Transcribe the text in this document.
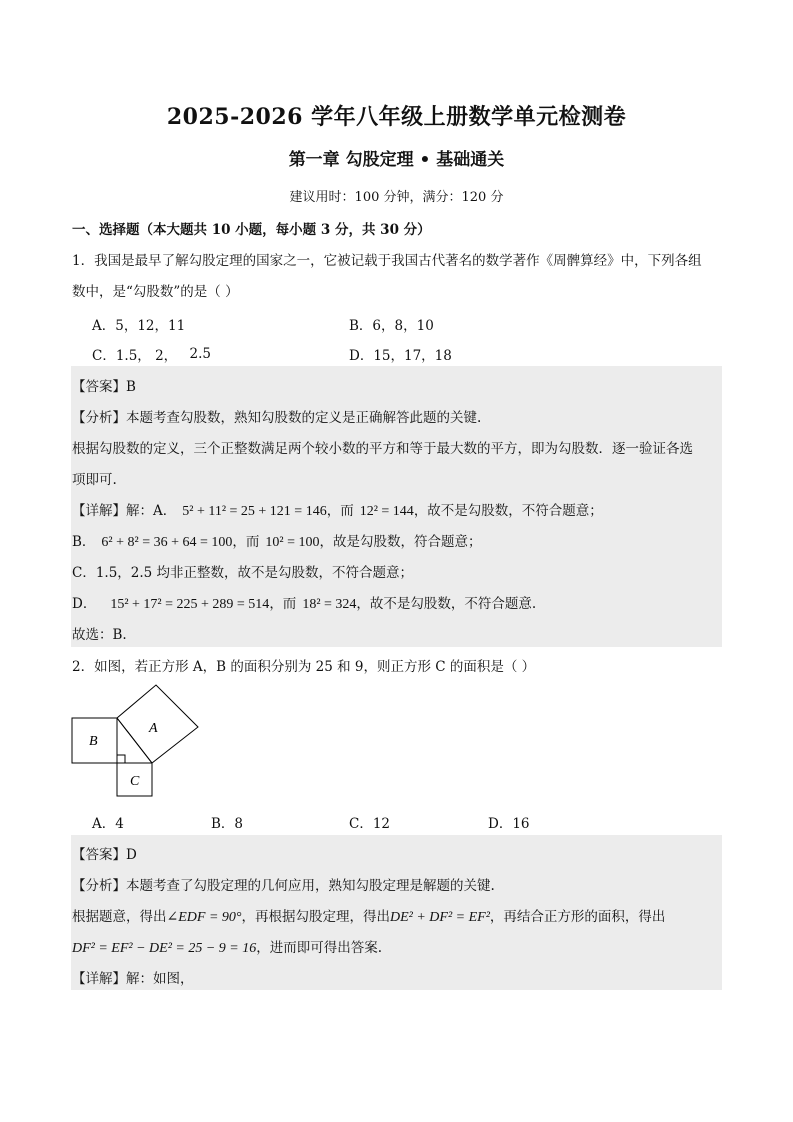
2025-2026 学年八年级上册数学单元检测卷
第一章 勾股定理 • 基础通关
建议用时：100 分钟，满分：120 分
一、选择题（本大题共 10 小题，每小题 3 分，共 30 分）
1．我国是最早了解勾股定理的国家之一，它被记载于我国古代著名的数学著作《周髀算经》中，下列各组
数中，是“勾股数”的是（ ）
A．5，12，11	B．6，8，10
C．1.5， 2， 2.5	D．15，17，18
【答案】B
【分析】本题考查勾股数，熟知勾股数的定义是正确解答此题的关键.
根据勾股数的定义，三个正整数满足两个较小数的平方和等于最大数的平方，即为勾股数．逐一验证各选
项即可.
【详解】解：A． 5² + 11² = 25 + 121 = 146，而 12² = 144，故不是勾股数，不符合题意；
B． 6² + 8² = 36 + 64 = 100，而 10² = 100，故是勾股数，符合题意；
C．1.5，2.5 均非正整数，故不是勾股数，不符合题意；
D． 15² + 17² = 225 + 289 = 514，而 18² = 324，故不是勾股数，不符合题意.
故选：B.
2．如图，若正方形 A，B 的面积分别为 25 和 9，则正方形 C 的面积是（ ）
A
B
C
A．4	B．8	C．12	D．16
【答案】D
【分析】本题考查了勾股定理的几何应用，熟知勾股定理是解题的关键.
根据题意，得出∠EDF = 90°，再根据勾股定理，得出DE² + DF² = EF²，再结合正方形的面积，得出
DF² = EF² − DE² = 25 − 9 = 16，进而即可得出答案.
【详解】解：如图，
